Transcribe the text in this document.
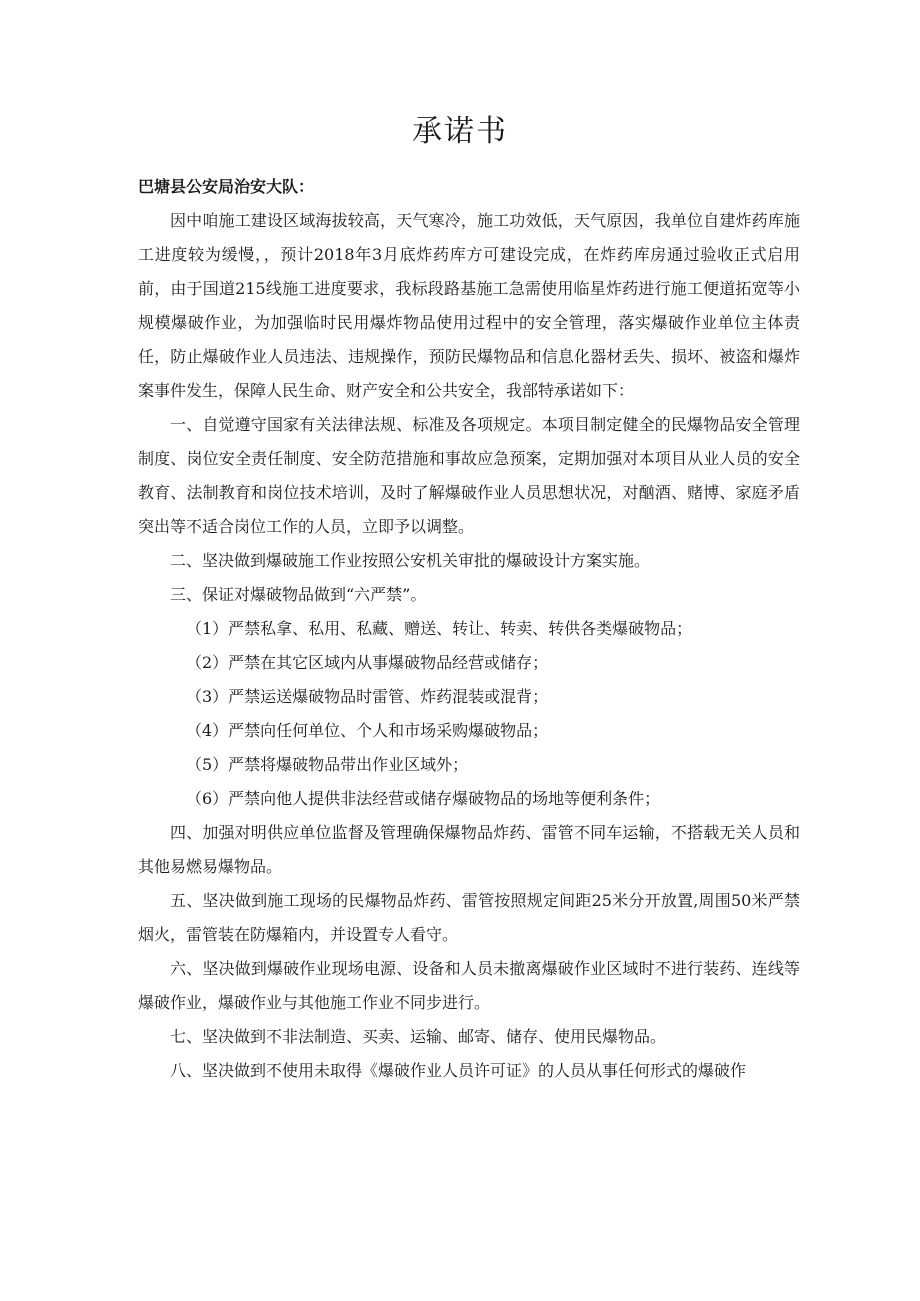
承诺书

巴塘县公安局治安大队：

因中咱施工建设区域海拔较高，天气寒冷，施工功效低，天气原因，我单位自建炸药库施工进度较为缓慢，，预计2018年3月底炸药库方可建设完成，在炸药库房通过验收正式启用前，由于国道215线施工进度要求，我标段路基施工急需使用临星炸药进行施工便道拓宽等小规模爆破作业，为加强临时民用爆炸物品使用过程中的安全管理，落实爆破作业单位主体责任，防止爆破作业人员违法、违规操作，预防民爆物品和信息化器材丢失、损坏、被盗和爆炸案事件发生，保障人民生命、财产安全和公共安全，我部特承诺如下：

一、自觉遵守国家有关法律法规、标准及各项规定。本项目制定健全的民爆物品安全管理制度、岗位安全责任制度、安全防范措施和事故应急预案，定期加强对本项目从业人员的安全教育、法制教育和岗位技术培训，及时了解爆破作业人员思想状况，对酗酒、赌博、家庭矛盾突出等不适合岗位工作的人员，立即予以调整。

二、坚决做到爆破施工作业按照公安机关审批的爆破设计方案实施。

三、保证对爆破物品做到“六严禁”。

（1）严禁私拿、私用、私藏、赠送、转让、转卖、转供各类爆破物品；

（2）严禁在其它区域内从事爆破物品经营或储存；

（3）严禁运送爆破物品时雷管、炸药混装或混背；

（4）严禁向任何单位、个人和市场采购爆破物品；

（5）严禁将爆破物品带出作业区域外；

（6）严禁向他人提供非法经营或储存爆破物品的场地等便利条件；

四、加强对明供应单位监督及管理确保爆物品炸药、雷管不同车运输，不搭载无关人员和其他易燃易爆物品。

五、坚决做到施工现场的民爆物品炸药、雷管按照规定间距25米分开放置,周围50米严禁烟火，雷管装在防爆箱内，并设置专人看守。

六、坚决做到爆破作业现场电源、设备和人员未撤离爆破作业区域时不进行装药、连线等爆破作业，爆破作业与其他施工作业不同步进行。

七、坚决做到不非法制造、买卖、运输、邮寄、储存、使用民爆物品。

八、坚决做到不使用未取得《爆破作业人员许可证》的人员从事任何形式的爆破作
